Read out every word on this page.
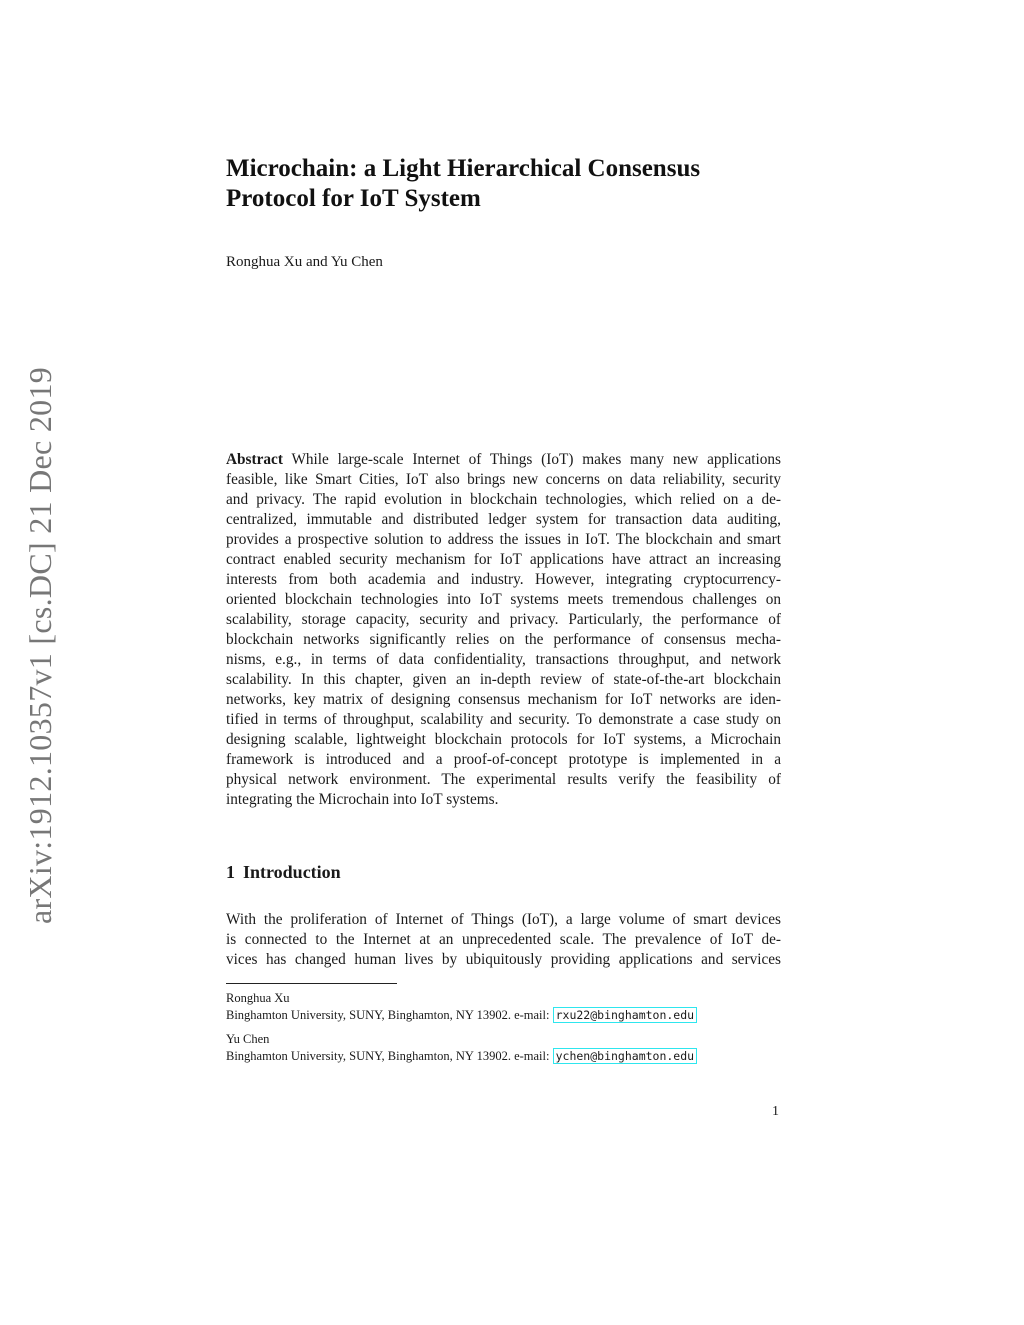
arXiv:1912.10357v1 [cs.DC] 21 Dec 2019
Microchain: a Light Hierarchical Consensus
Protocol for IoT System

Ronghua Xu and Yu Chen

Abstract While large-scale Internet of Things (IoT) makes many new applications
feasible, like Smart Cities, IoT also brings new concerns on data reliability, security
and privacy. The rapid evolution in blockchain technologies, which relied on a de-
centralized, immutable and distributed ledger system for transaction data auditing,
provides a prospective solution to address the issues in IoT. The blockchain and smart
contract enabled security mechanism for IoT applications have attract an increasing
interests from both academia and industry. However, integrating cryptocurrency-
oriented blockchain technologies into IoT systems meets tremendous challenges on
scalability, storage capacity, security and privacy. Particularly, the performance of
blockchain networks significantly relies on the performance of consensus mecha-
nisms, e.g., in terms of data confidentiality, transactions throughput, and network
scalability. In this chapter, given an in-depth review of state-of-the-art blockchain
networks, key matrix of designing consensus mechanism for IoT networks are iden-
tified in terms of throughput, scalability and security. To demonstrate a case study on
designing scalable, lightweight blockchain protocols for IoT systems, a Microchain
framework is introduced and a proof-of-concept prototype is implemented in a
physical network environment. The experimental results verify the feasibility of
integrating the Microchain into IoT systems.
1 Introduction
With the proliferation of Internet of Things (IoT), a large volume of smart devices
is connected to the Internet at an unprecedented scale. The prevalence of IoT de-
vices has changed human lives by ubiquitously providing applications and services
Ronghua Xu
Binghamton University, SUNY, Binghamton, NY 13902. e-mail: rxu22@binghamton.edu
Yu Chen
Binghamton University, SUNY, Binghamton, NY 13902. e-mail: ychen@binghamton.edu
1
